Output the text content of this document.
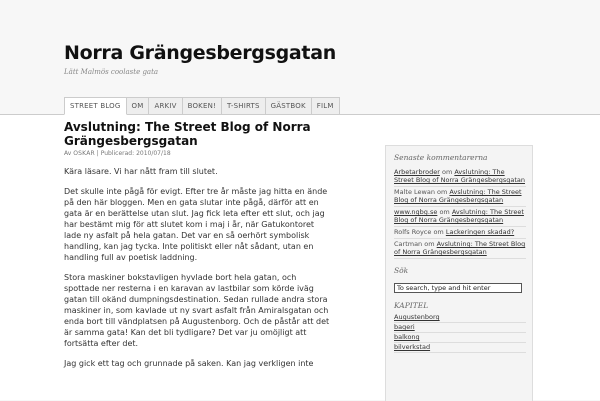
Norra Grängesbergsgatan
Lätt Malmös coolaste gata
STREET BLOG	OM	ARKIV	BOKEN!	T-SHIRTS	GÄSTBOK	FILM
Avslutning: The Street Blog of Norra Grängesbergsgatan
Av OSKAR | Publicerad: 2010/07/18

Kära läsare. Vi har nått fram till slutet.

Det skulle inte pågå för evigt. Efter tre år måste jag hitta en ände på den här bloggen. Men en gata slutar inte pågå, därför att en gata är en berättelse utan slut. Jag fick leta efter ett slut, och jag har bestämt mig för att slutet kom i maj i år, när Gatukontoret lade ny asfalt på hela gatan. Det var en så oerhört symbolisk handling, kan jag tycka. Inte politiskt eller nåt sådant, utan en handling full av poetisk laddning.

Stora maskiner bokstavligen hyvlade bort hela gatan, och spottade ner resterna i en karavan av lastbilar som körde iväg gatan till okänd dumpningsdestination. Sedan rullade andra stora maskiner in, som kavlade ut ny svart asfalt från Amiralsgatan och enda bort till vändplatsen på Augustenborg. Och de påstår att det är samma gata! Kan det bli tydligare? Det var ju omöjligt att fortsätta efter det.

Jag gick ett tag och grunnade på saken. Kan jag verkligen inte

Senaste kommentarerna
Arbetarbroder om Avslutning: The Street Blog of Norra Grängesbergsgatan
Malte Lewan om Avslutning: The Street Blog of Norra Grängesbergsgatan
www.ngbg.se om Avslutning: The Street Blog of Norra Grängesbergsgatan
Rolfs Royce om Lackeringen skadad?
Cartman om Avslutning: The Street Blog of Norra Grängesbergsgatan
Sök
To search, type and hit enter
KAPITEL
Augustenborg
bageri
balkong
bilverkstad
